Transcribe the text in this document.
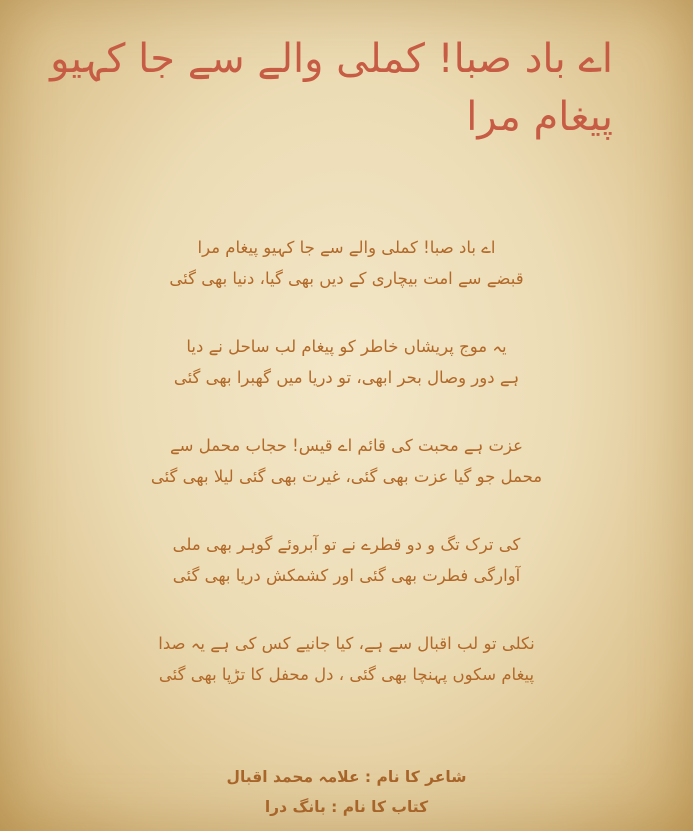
اے باد صبا! کملی والے سے جا کہیو پیغام مرا
اے باد صبا! کملی والے سے جا کہیو پیغام مرا
قبضے سے امت بیچاری کے دیں بھی گیا، دنیا بھی گئی
یہ موج پریشاں خاطر کو پیغام لب ساحل نے دیا
ہے دور وصال بحر ابھی، تو دریا میں گھبرا بھی گئی
عزت ہے محبت کی قائم اے قیس! حجاب محمل سے
محمل جو گیا عزت بھی گئی، غیرت بھی گئی لیلا بھی گئی
کی ترک تگ و دو قطرے نے تو آبروئے گوہر بھی ملی
آوارگی فطرت بھی گئی اور کشمکش دریا بھی گئی
نکلی تو لب اقبال سے ہے، کیا جانیے کس کی ہے یہ صدا
پیغام سکوں پہنچا بھی گئی ، دل محفل کا تڑپا بھی گئی
شاعر کا نام : علامہ محمد اقبال
کتاب کا نام : بانگ درا
